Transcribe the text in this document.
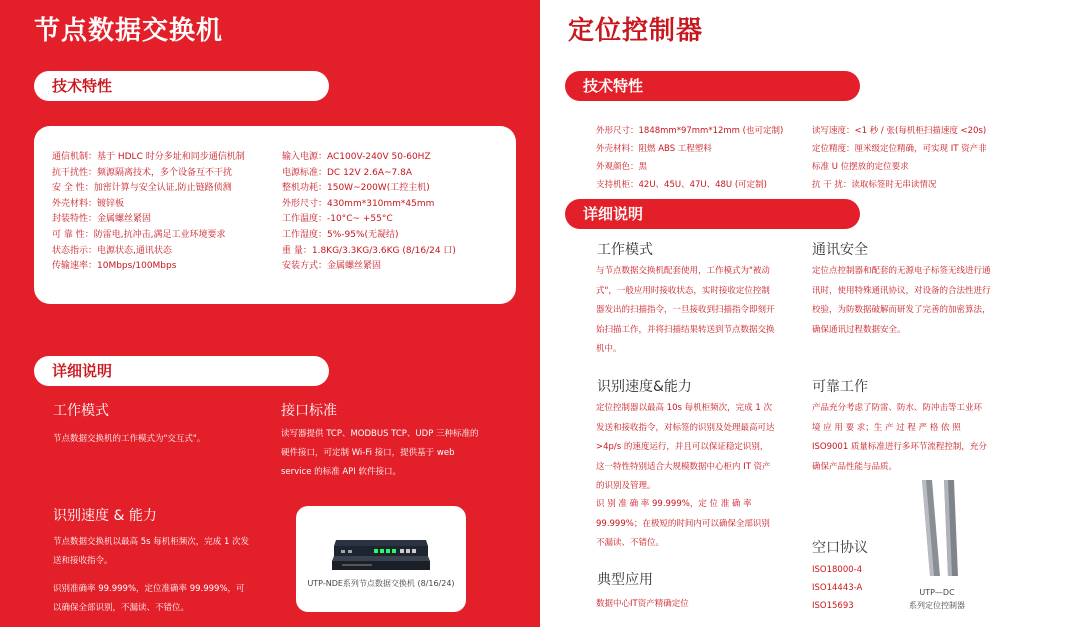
节点数据交换机
技术特性
通信机制：基于 HDLC 时分多址和同步通信机制
抗干扰性：频源隔离技术，多个设备互不干扰
安 全 性：加密计算与安全认证,防止链路侦测
外壳材料：镀锌板
封装特性：金属螺丝紧固
可 靠 性：防雷电,抗冲击,满足工业环境要求
状态指示：电源状态,通讯状态
传输速率：10Mbps/100Mbps
输入电源：AC100V-240V 50-60HZ
电源标准：DC 12V 2.6A~7.8A
整机功耗：150W~200W(工控主机)
外形尺寸：430mm*310mm*45mm
工作温度：-10°C~ +55°C
工作湿度：5%-95%(无凝结)
重 量：1.8KG/3.3KG/3.6KG (8/16/24 口)
安装方式：金属螺丝紧固
详细说明
工作模式
节点数据交换机的工作模式为"交互式"。
接口标准
读写器提供 TCP、MODBUS TCP、UDP 三种标准的硬件接口，可定制 Wi-Fi 接口，提供基于 web service 的标准 API 软件接口。
识别速度 & 能力
节点数据交换机以最高 5s 每机柜频次，完成 1 次发送和接收指令。
识别准确率 99.999%，定位准确率 99.999%，可以确保全部识别，不漏读、不错位。
UTP-NDE系列节点数据交换机 (8/16/24)
定位控制器
技术特性
外形尺寸：1848mm*97mm*12mm (也可定制)
外壳材料：阻燃 ABS 工程塑料
外观颜色：黑
支持机柜：42U、45U、47U、48U (可定制)
读写速度：<1 秒 / 张(每机柜扫描速度 <20s)
定位精度：厘米级定位精确，可实现 IT 资产非
标准 U 位摆放的定位要求
抗 干 扰：读取标签时无串读情况
详细说明
工作模式
与节点数据交换机配套使用，工作模式为"被动式"，一般应用时接收状态，实时接收定位控制器发出的扫描指令，一旦接收到扫描指令即刻开始扫描工作，并将扫描结果转送到节点数据交换机中。
通讯安全
定位点控制器和配套的无源电子标签无线进行通讯时，使用特殊通讯协议，对设备的合法性进行校验，为防数据破解而研发了完善的加密算法，确保通讯过程数据安全。
识别速度&能力
定位控制器以最高 10s 每机柜频次，完成 1 次发送和接收指令，对标签的识别及处理最高可达 >4p/s 的速度运行，并且可以保证稳定识别，这一特性特别适合大规模数据中心柜内 IT 资产的识别及管理。
识 别 准 确 率 99.999%，定 位 准 确 率 99.999%；在极短的时间内可以确保全部识别不漏读、不错位。
典型应用
数据中心IT资产精确定位
可靠工作
产品充分考虑了防雷、防水、防冲击等工业环 境 应 用 要 求；生 产 过 程 严 格 依 照 ISO9001 质量标准进行多环节流程控制，充分确保产品性能与品质。
空口协议
ISO18000-4
ISO14443-A
ISO15693
UTP—DC
系列定位控制器
